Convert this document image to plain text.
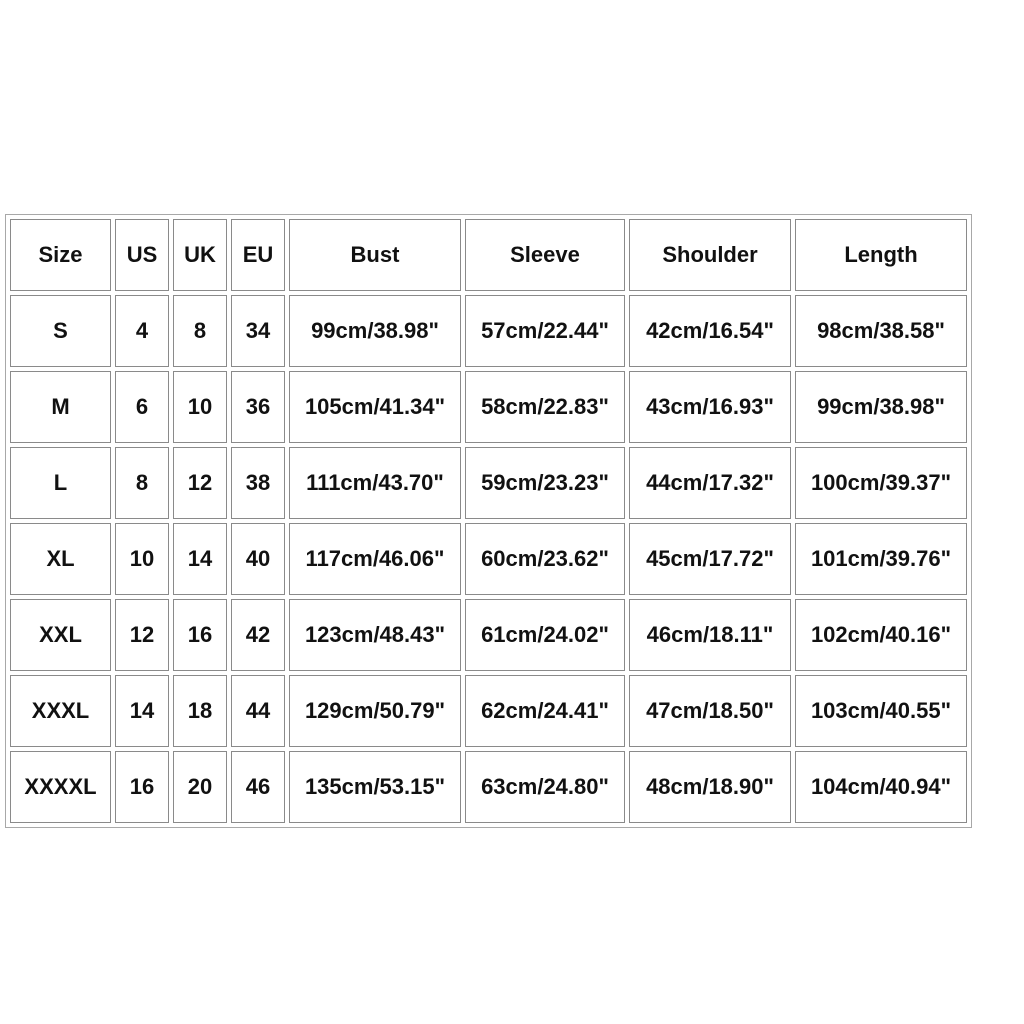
Size	US	UK	EU	Bust	Sleeve	Shoulder	Length
S	4	8	34	99cm/38.98"	57cm/22.44"	42cm/16.54"	98cm/38.58"
M	6	10	36	105cm/41.34"	58cm/22.83"	43cm/16.93"	99cm/38.98"
L	8	12	38	111cm/43.70"	59cm/23.23"	44cm/17.32"	100cm/39.37"
XL	10	14	40	117cm/46.06"	60cm/23.62"	45cm/17.72"	101cm/39.76"
XXL	12	16	42	123cm/48.43"	61cm/24.02"	46cm/18.11"	102cm/40.16"
XXXL	14	18	44	129cm/50.79"	62cm/24.41"	47cm/18.50"	103cm/40.55"
XXXXL	16	20	46	135cm/53.15"	63cm/24.80"	48cm/18.90"	104cm/40.94"
